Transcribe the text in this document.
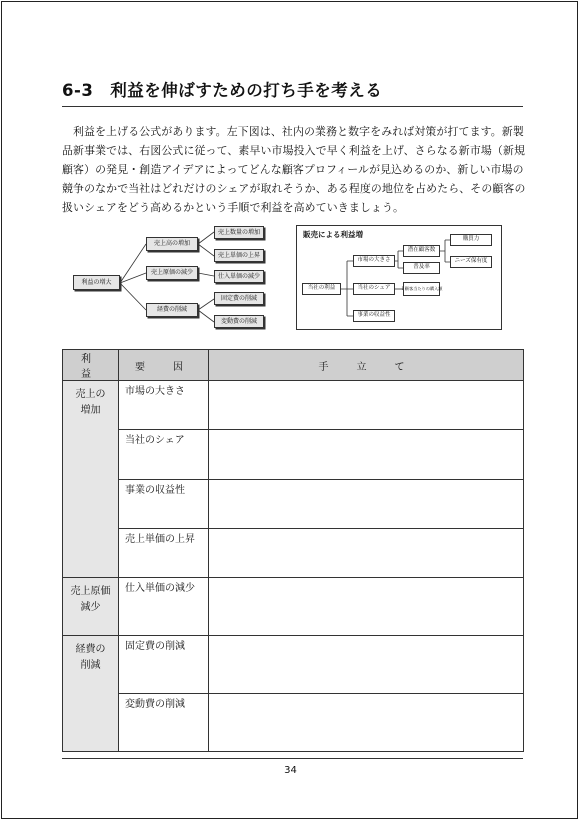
6-3　利益を伸ばすための打ち手を考える

利益を上げる公式があります。左下図は、社内の業務と数字をみれば対策が打てます。新製

品新事業では、右図公式に従って、素早い市場投入で早く利益を上げ、さらなる新市場（新規

顧客）の発見・創造アイデアによってどんな顧客プロフィールが見込めるのか、新しい市場の

競争のなかで当社はどれだけのシェアが取れそうか、ある程度の地位を占めたら、その顧客の

扱いシェアをどう高めるかという手順で利益を高めていきましょう。

利益の増大
売上高の増加
売上原価の減少
経費の削減
売上数量の増加
売上単価の上昇
仕入単価の減少
固定費の削減
変動費の削減
販売による利益増
当社の利益
市場の大きさ
当社のシェア
事業の収益性
潜在顧客数
普及率
１顧客当たりの購入額
購買力
ニーズ保有度
利　益	要　因	手　立　て
売上の
増加	市場の大きさ	
	当社のシェア	
	事業の収益性	
	売上単価の上昇	
売上原価
減少	仕入単価の減少	
経費の
削減	固定費の削減	
	変動費の削減	
34
